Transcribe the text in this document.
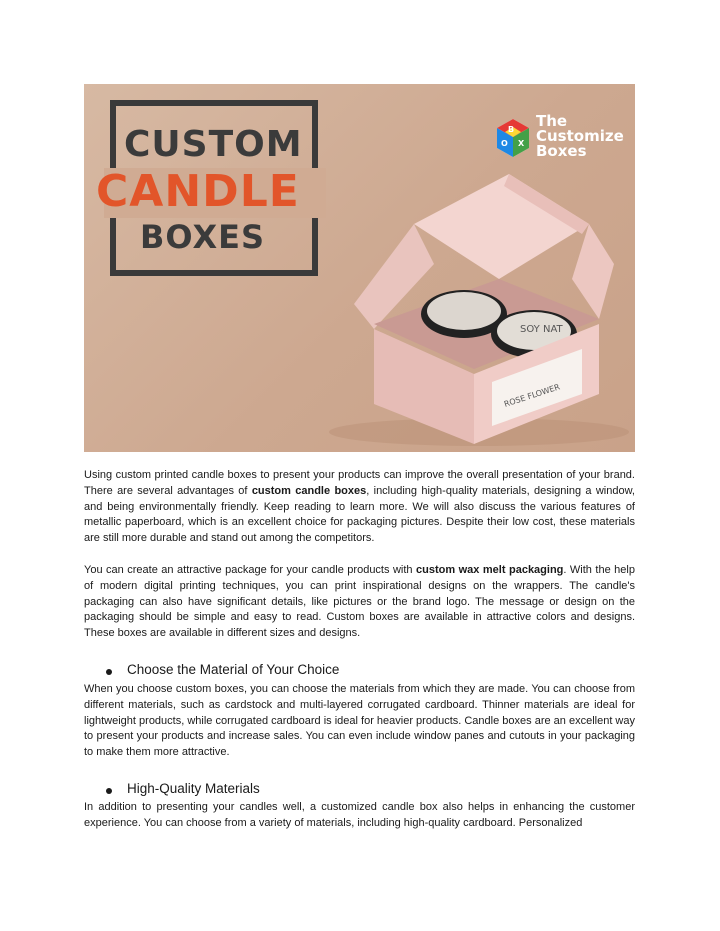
CUSTOM
CANDLE
BOXES
B
O X
The
Customize
Boxes
SOY NAT
ROSE FLOWER

Using custom printed candle boxes to present your products can improve the overall presentation of your brand. There are several advantages of custom candle boxes, including high-quality materials, designing a window, and being environmentally friendly. Keep reading to learn more. We will also discuss the various features of metallic paperboard, which is an excellent choice for packaging pictures. Despite their low cost, these materials are still more durable and stand out among the competitors.

You can create an attractive package for your candle products with custom wax melt packaging. With the help of modern digital printing techniques, you can print inspirational designs on the wrappers. The candle's packaging can also have significant details, like pictures or the brand logo. The message or design on the packaging should be simple and easy to read. Custom boxes are available in attractive colors and designs. These boxes are available in different sizes and designs.

Choose the Material of Your Choice

When you choose custom boxes, you can choose the materials from which they are made. You can choose from different materials, such as cardstock and multi-layered corrugated cardboard. Thinner materials are ideal for lightweight products, while corrugated cardboard is ideal for heavier products. Candle boxes are an excellent way to present your products and increase sales. You can even include window panes and cutouts in your packaging to make them more attractive.

High-Quality Materials

In addition to presenting your candles well, a customized candle box also helps in enhancing the customer experience. You can choose from a variety of materials, including high-quality cardboard. Personalized
